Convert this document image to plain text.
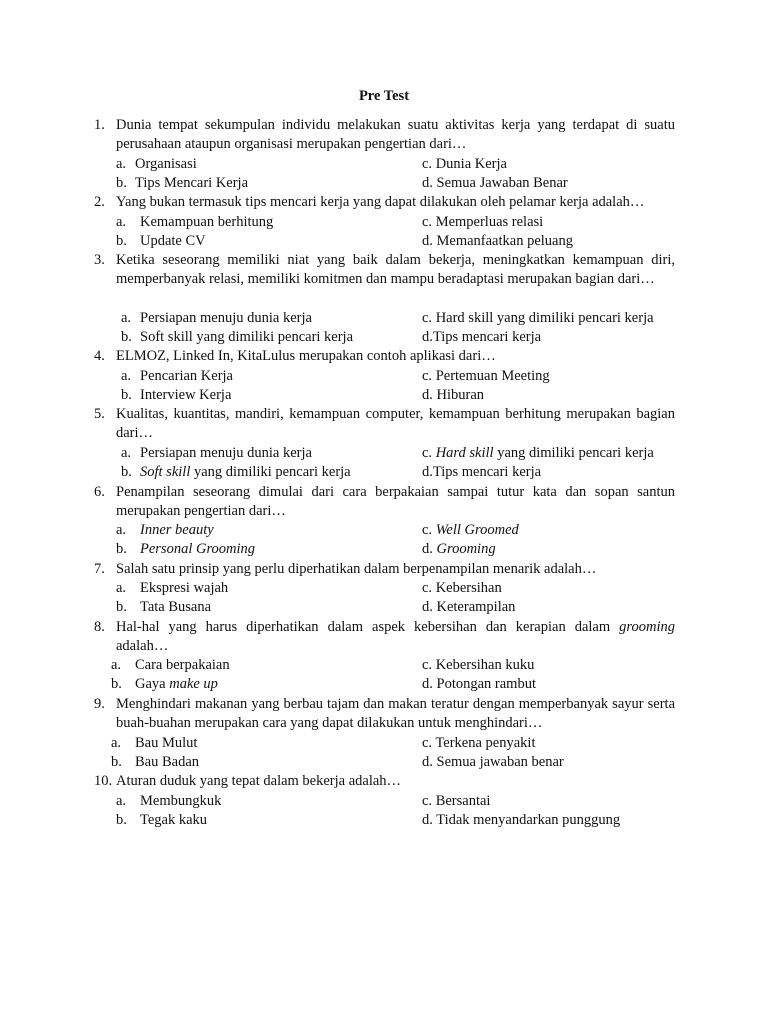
Pre Test
1. Dunia tempat sekumpulan individu melakukan suatu aktivitas kerja yang terdapat di suatu perusahaan ataupun organisasi merupakan pengertian dari…
a. Organisasi
b. Tips Mencari Kerja
c. Dunia Kerja
d. Semua Jawaban Benar
2. Yang bukan termasuk tips mencari kerja yang dapat dilakukan oleh pelamar kerja adalah…
a. Kemampuan berhitung
b. Update CV
c. Memperluas relasi
d. Memanfaatkan peluang
3. Ketika seseorang memiliki niat yang baik dalam bekerja, meningkatkan kemampuan diri, memperbanyak relasi, memiliki komitmen dan mampu beradaptasi merupakan bagian dari…
a. Persiapan menuju dunia kerja
b. Soft skill yang dimiliki pencari kerja
c. Hard skill yang dimiliki pencari kerja
d.Tips mencari kerja
4. ELMOZ, Linked In, KitaLulus merupakan contoh aplikasi dari…
a. Pencarian Kerja
b. Interview Kerja
c. Pertemuan Meeting
d. Hiburan
5. Kualitas, kuantitas, mandiri, kemampuan computer, kemampuan berhitung merupakan bagian dari…
a. Persiapan menuju dunia kerja
b. Soft skill yang dimiliki pencari kerja
c. Hard skill yang dimiliki pencari kerja
d.Tips mencari kerja
6. Penampilan seseorang dimulai dari cara berpakaian sampai tutur kata dan sopan santun merupakan pengertian dari…
a. Inner beauty
b. Personal Grooming
c. Well Groomed
d. Grooming
7. Salah satu prinsip yang perlu diperhatikan dalam berpenampilan menarik adalah…
a. Ekspresi wajah
b. Tata Busana
c. Kebersihan
d. Keterampilan
8. Hal-hal yang harus diperhatikan dalam aspek kebersihan dan kerapian dalam grooming adalah…
a. Cara berpakaian
b. Gaya make up
c. Kebersihan kuku
d. Potongan rambut
9. Menghindari makanan yang berbau tajam dan makan teratur dengan memperbanyak sayur serta buah-buahan merupakan cara yang dapat dilakukan untuk menghindari…
a. Bau Mulut
b. Bau Badan
c. Terkena penyakit
d. Semua jawaban benar
10. Aturan duduk yang tepat dalam bekerja adalah…
a. Membungkuk
b. Tegak kaku
c. Bersantai
d. Tidak menyandarkan punggung
